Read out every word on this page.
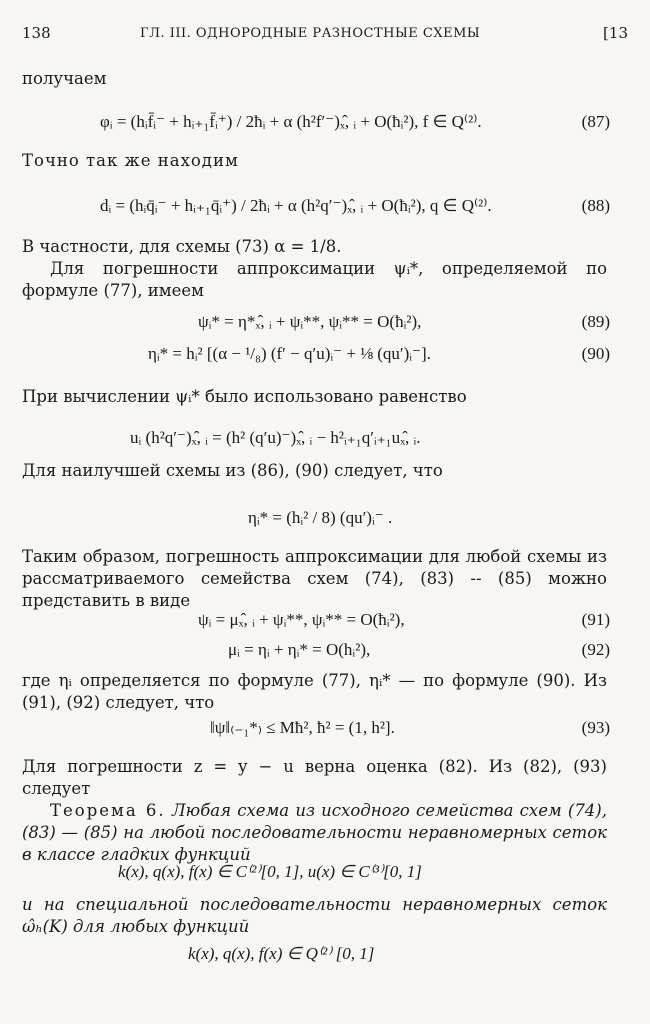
138	ГЛ. III. ОДНОРОДНЫЕ РАЗНОСТНЫЕ СХЕМЫ	[13
получаем
φᵢ = (hᵢf̄ᵢ⁻ + hᵢ₊₁f̄ᵢ⁺) / 2ħᵢ + α (h²f′⁻)ₓ̂, ᵢ + O(ħᵢ²), f ∈ Q⁽²⁾.	(87)
Точно так же находим
dᵢ = (hᵢq̄ᵢ⁻ + hᵢ₊₁q̄ᵢ⁺) / 2ħᵢ + α (h²q′⁻)ₓ̂, ᵢ + O(ħᵢ²), q ∈ Q⁽²⁾.	(88)
В частности, для схемы (73) α = 1/8.
Для погрешности аппроксимации ψᵢ*, определяемой по формуле (77), имеем
ψᵢ* = η*ₓ̂, ᵢ + ψᵢ**, ψᵢ** = O(ħᵢ²),	(89)
ηᵢ* = hᵢ² [(α − ¹/₈) (f′ − q′u)ᵢ⁻ + ⅛ (qu′)ᵢ⁻].	(90)
При вычислении ψᵢ* было использовано равенство
uᵢ (h²q′⁻)ₓ̂, ᵢ = (h² (q′u)⁻)ₓ̂, ᵢ − h²ᵢ₊₁q′ᵢ₊₁uₓ̂, ᵢ.
Для наилучшей схемы из (86), (90) следует, что
ηᵢ* = (hᵢ² / 8) (qu′)ᵢ⁻ .
Таким образом, погрешность аппроксимации для любой схемы из рассматриваемого семейства схем (74), (83) -- (85) можно представить в виде
ψᵢ = μₓ̂, ᵢ + ψᵢ**, ψᵢ** = O(ħᵢ²),	(91)
μᵢ = ηᵢ + ηᵢ* = O(hᵢ²),	(92)
где ηᵢ определяется по формуле (77), ηᵢ* — по формуле (90). Из (91), (92) следует, что
‖ψ‖₍₋₁*₎ ≤ Mħ², ħ² = (1, h²].	(93)
Для погрешности z = y − u верна оценка (82). Из (82), (93) следует
Теорема 6. Любая схема из исходного семейства схем (74), (83) — (85) на любой последовательности неравномерных сеток в классе гладких функций
k(x), q(x), f(x) ∈ C⁽²⁾[0, 1], u(x) ∈ C⁽³⁾[0, 1]
и на специальной последовательности неравномерных сеток ω̂ₕ(K) для любых функций
k(x), q(x), f(x) ∈ Q⁽²⁾ [0, 1]
